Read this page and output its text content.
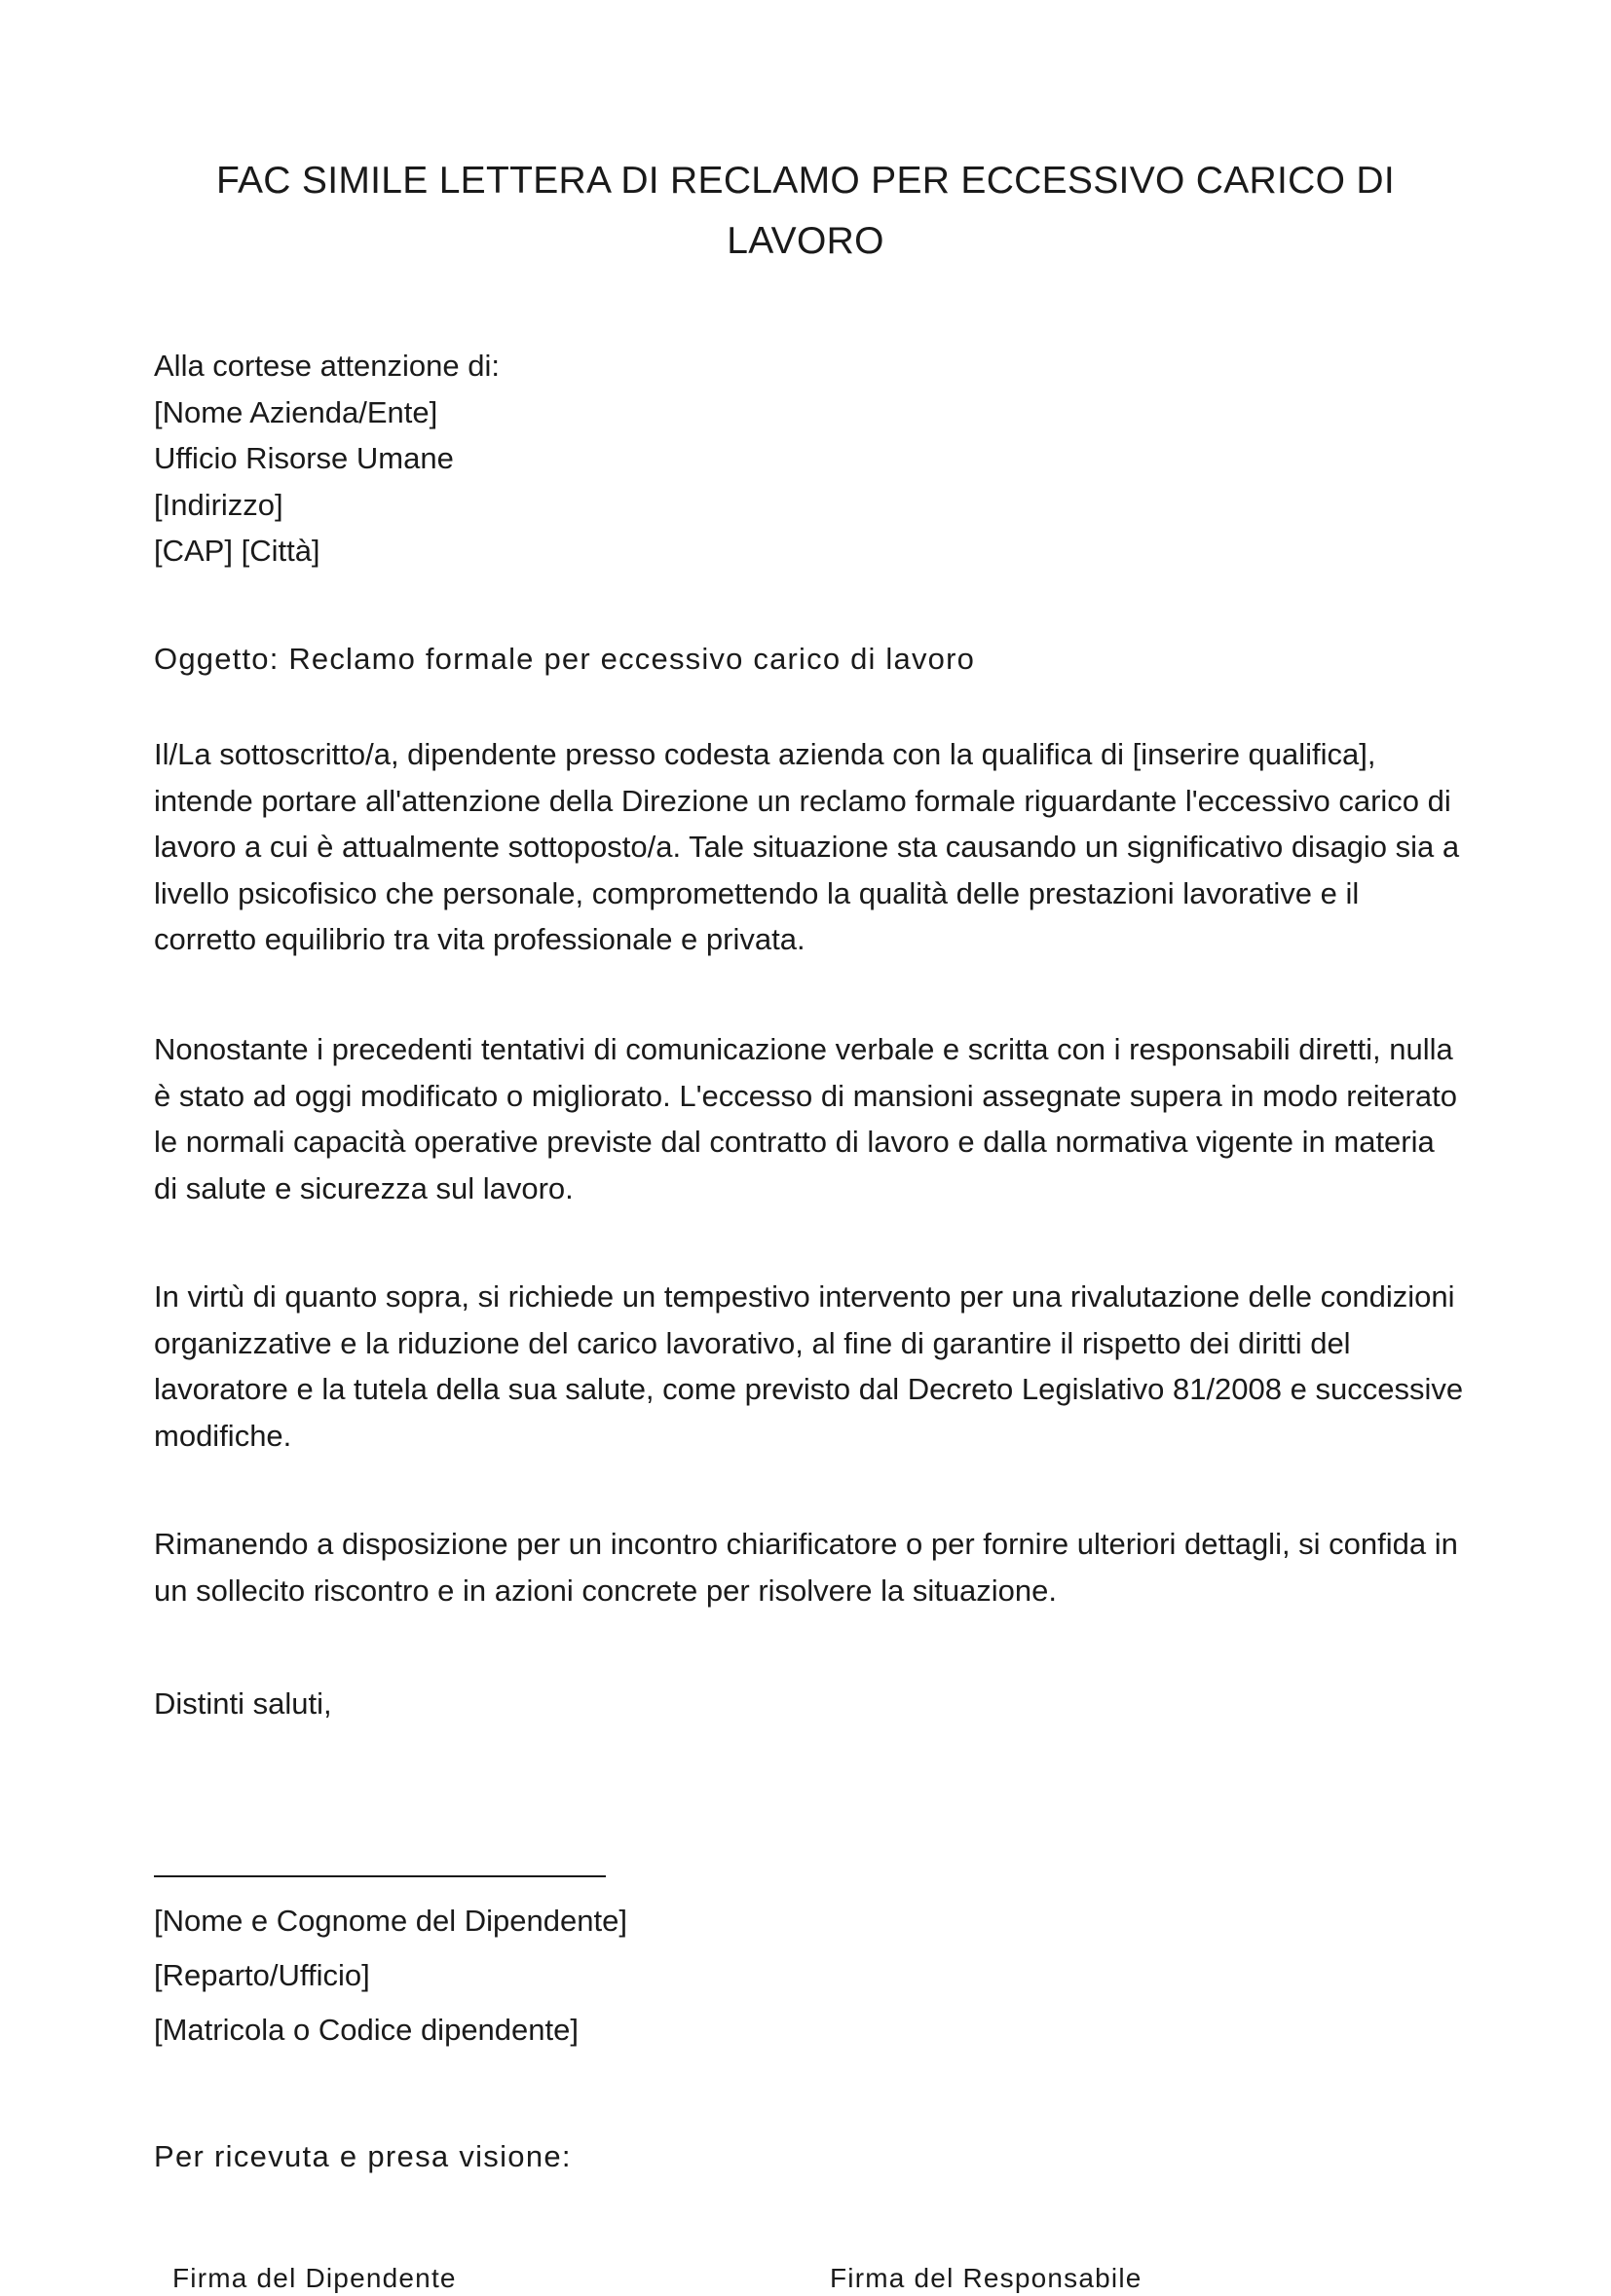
FAC SIMILE LETTERA DI RECLAMO PER ECCESSIVO CARICO DI LAVORO
Alla cortese attenzione di:
[Nome Azienda/Ente]
Ufficio Risorse Umane
[Indirizzo]
[CAP] [Città]
Oggetto: Reclamo formale per eccessivo carico di lavoro

Il/La sottoscritto/a, dipendente presso codesta azienda con la qualifica di [inserire qualifica], intende portare all'attenzione della Direzione un reclamo formale riguardante l'eccessivo carico di lavoro a cui è attualmente sottoposto/a. Tale situazione sta causando un significativo disagio sia a livello psicofisico che personale, compromettendo la qualità delle prestazioni lavorative e il corretto equilibrio tra vita professionale e privata.

Nonostante i precedenti tentativi di comunicazione verbale e scritta con i responsabili diretti, nulla è stato ad oggi modificato o migliorato. L'eccesso di mansioni assegnate supera in modo reiterato le normali capacità operative previste dal contratto di lavoro e dalla normativa vigente in materia di salute e sicurezza sul lavoro.

In virtù di quanto sopra, si richiede un tempestivo intervento per una rivalutazione delle condizioni organizzative e la riduzione del carico lavorativo, al fine di garantire il rispetto dei diritti del lavoratore e la tutela della sua salute, come previsto dal Decreto Legislativo 81/2008 e successive modifiche.

Rimanendo a disposizione per un incontro chiarificatore o per fornire ulteriori dettagli, si confida in un sollecito riscontro e in azioni concrete per risolvere la situazione.

Distinti saluti,
[Nome e Cognome del Dipendente]
[Reparto/Ufficio]
[Matricola o Codice dipendente]
Per ricevuta e presa visione:
Firma del Dipendente	Firma del Responsabile
